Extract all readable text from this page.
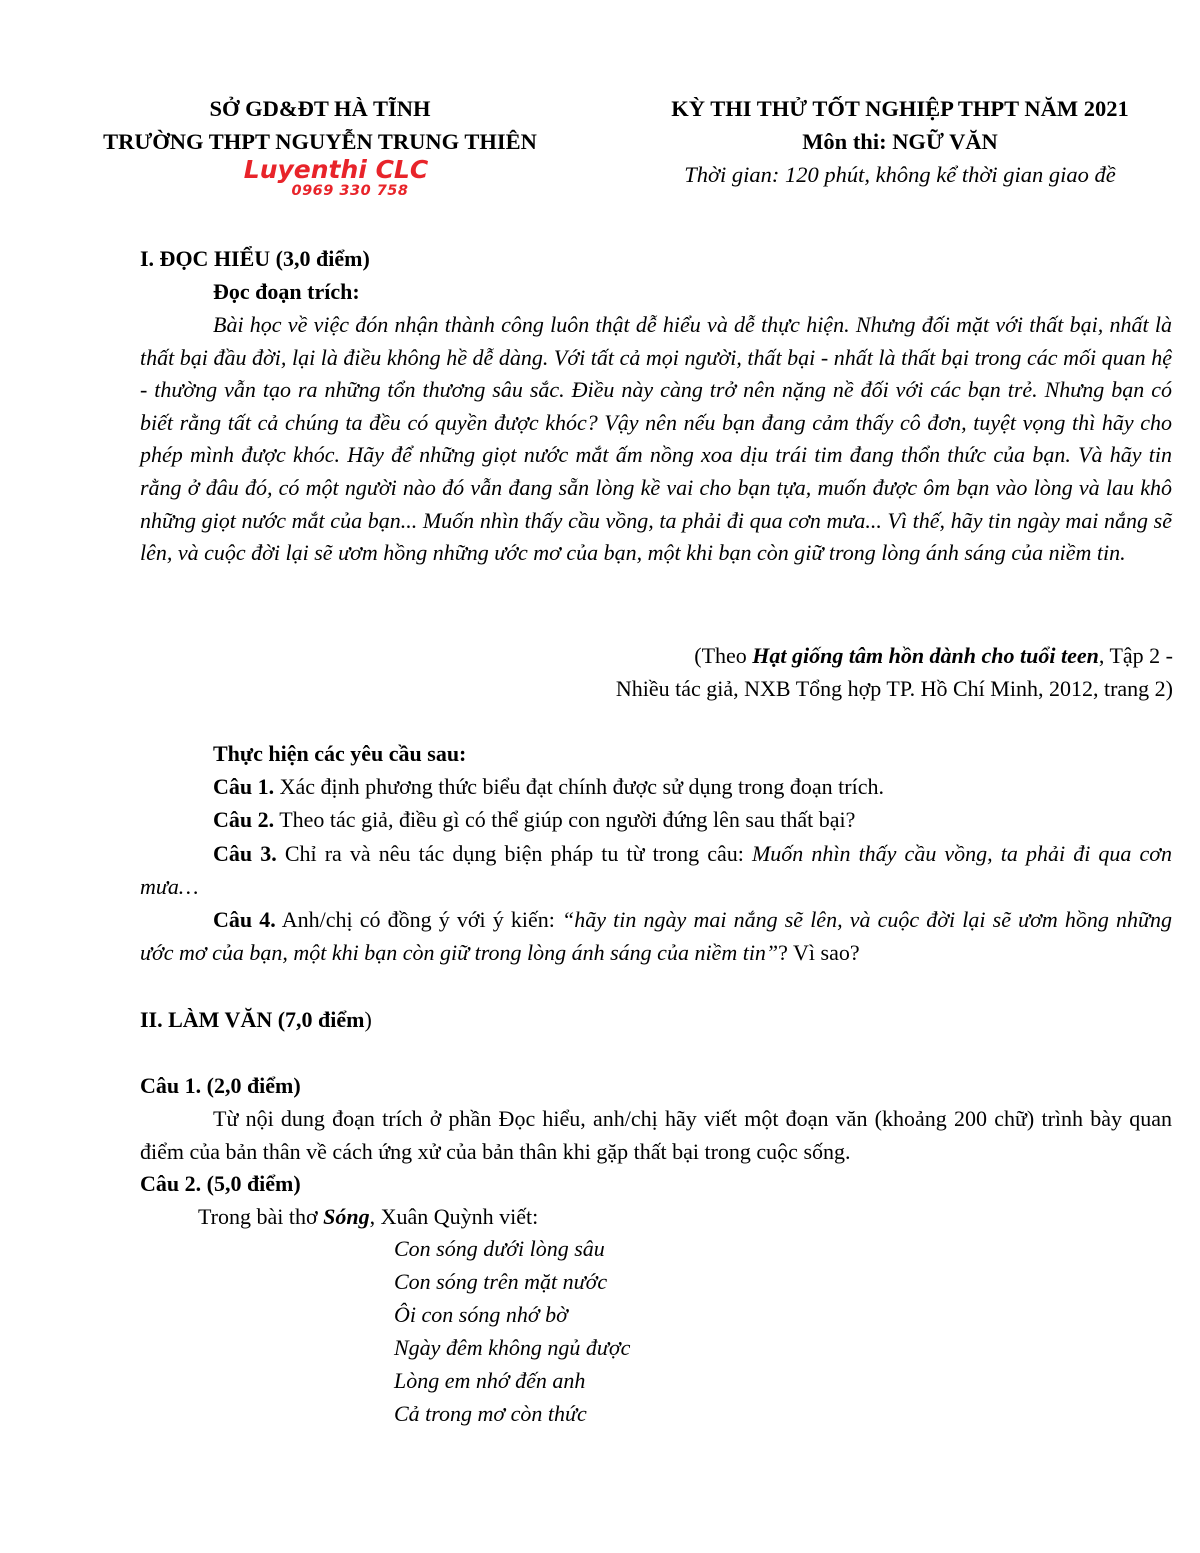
SỞ GD&ĐT HÀ TĨNH
TRƯỜNG THPT NGUYỄN TRUNG THIÊN
Luyenthi CLC
0969 330 758
KỲ THI THỬ TỐT NGHIỆP THPT NĂM 2021
Môn thi: NGỮ VĂN
Thời gian: 120 phút, không kể thời gian giao đề
I. ĐỌC HIỂU (3,0 điểm)
Đọc đoạn trích:
Bài học về việc đón nhận thành công luôn thật dễ hiểu và dễ thực hiện. Nhưng đối mặt với thất bại, nhất là thất bại đầu đời, lại là điều không hề dễ dàng. Với tất cả mọi người, thất bại - nhất là thất bại trong các mối quan hệ - thường vẫn tạo ra những tổn thương sâu sắc. Điều này càng trở nên nặng nề đối với các bạn trẻ. Nhưng bạn có biết rằng tất cả chúng ta đều có quyền được khóc? Vậy nên nếu bạn đang cảm thấy cô đơn, tuyệt vọng thì hãy cho phép mình được khóc. Hãy để những giọt nước mắt ấm nồng xoa dịu trái tim đang thổn thức của bạn. Và hãy tin rằng ở đâu đó, có một người nào đó vẫn đang sẵn lòng kề vai cho bạn tựa, muốn được ôm bạn vào lòng và lau khô những giọt nước mắt của bạn... Muốn nhìn thấy cầu vồng, ta phải đi qua cơn mưa... Vì thế, hãy tin ngày mai nắng sẽ lên, và cuộc đời lại sẽ ươm hồng những ước mơ của bạn, một khi bạn còn giữ trong lòng ánh sáng của niềm tin.
(Theo Hạt giống tâm hồn dành cho tuổi teen, Tập 2 -
Nhiều tác giả, NXB Tổng hợp TP. Hồ Chí Minh, 2012, trang 2)
Thực hiện các yêu cầu sau:
Câu 1. Xác định phương thức biểu đạt chính được sử dụng trong đoạn trích.
Câu 2. Theo tác giả, điều gì có thể giúp con người đứng lên sau thất bại?
Câu 3. Chỉ ra và nêu tác dụng biện pháp tu từ trong câu: Muốn nhìn thấy cầu vồng, ta phải đi qua cơn mưa…
Câu 4. Anh/chị có đồng ý với ý kiến: “hãy tin ngày mai nắng sẽ lên, và cuộc đời lại sẽ ươm hồng những ước mơ của bạn, một khi bạn còn giữ trong lòng ánh sáng của niềm tin”? Vì sao?
II. LÀM VĂN (7,0 điểm)
Câu 1. (2,0 điểm)
Từ nội dung đoạn trích ở phần Đọc hiểu, anh/chị hãy viết một đoạn văn (khoảng 200 chữ) trình bày quan điểm của bản thân về cách ứng xử của bản thân khi gặp thất bại trong cuộc sống.
Câu 2. (5,0 điểm)
Trong bài thơ Sóng, Xuân Quỳnh viết:
Con sóng dưới lòng sâu
Con sóng trên mặt nước
Ôi con sóng nhớ bờ
Ngày đêm không ngủ được
Lòng em nhớ đến anh
Cả trong mơ còn thức
